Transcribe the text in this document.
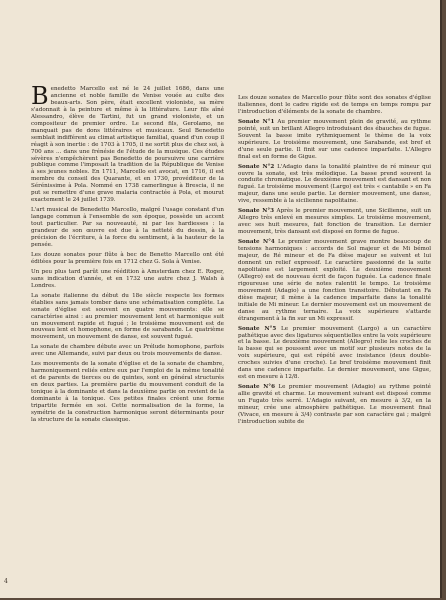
Benedetto Marcello est né le 24 juillet 1686, dans une ancienne et noble famille de Venise vouée au culte des beaux-arts. Son père, était excellent violoniste, sa mère s'adonnait à la peinture et même à la littérature. Leur fils aîné Alessandro, élève de Tartini, fut un grand violoniste, et un compositeur de premier ordre. Le second fils, Gerolamo, ne manquait pas de dons littéraires et musicaux. Seul Benedetto semblait indifférent au climat artistique familial, quand d'un coup il réagit à son inertie : de 1703 à 1705, il ne sortit plus de chez soi, à 700 ans ... dans une frénésie de l'étude de la musique. Ces études sévères n'empêchèrent pas Benedetto de poursuivre une carrière publique comme l'imposait la tradition de la République de Venise à ses jeunes nobles. En 1711, Marcello est avocat, en 1716, il est membre du conseil des Quarante, et en 1730, provéditeur de la Sérénissime à Pola. Nommé en 1738 camerlingue à Brescia, il ne put se remettre d'une grave malaria contractée à Pola, et mourut exactement le 24 juillet 1739.

L'art musical de Benedetto Marcello, malgré l'usage constant d'un langage commun à l'ensemble de son époque, possède un accent tout particulier. Par sa nouveauté, ni par les hardiesses : la grandeur de son œuvre est due à la netteté du dessin, à la précision de l'écriture, à la force du sentiment, à la hauteur de la pensée.

Les douze sonates pour flûte à bec de Benetto Marcello ont été éditées pour la première fois en 1712 chez G. Sola à Venise.

Un peu plus tard parût une réédition à Amsterdam chez E. Roger, sans indication d'année, et en 1732 une autre chez J. Walsh à Londres.

La sonate italienne du début du 18e siècle respecte les formes établies sans jamais tomber dans une schématisation complète. La sonate d'église est souvent en quatre mouvements: elle se caractérise ainsi : au premier mouvement lent et harmonique suit un mouvement rapide et fugué ; le troisième mouvement est de nouveau lent et homophone, en forme de sarabande. Le quatrième mouvement, un mouvement de danse, est souvent fugué.

La sonate de chambre débute avec un Prélude homophone, parfois avec une Allemande, suivi par deux ou trois mouvements de danse.

Les mouvements de la sonate d'église et de la sonate de chambre, harmoniquement reliés entre eux par l'emploi de la même tonalité et de parents de tierces ou de quintes, sont en général structurés en deux parties. La première partie du mouvement conduit de la tonique à la dominante et dans la deuxième partie on revient de la dominante à la tonique. Ces petites finales créent une forme tripartite fermée en soi. Cette normalisation de la forme, la symétrie de la construction harmonique seront déterminants pour la structure de la sonate classique.

Les douze sonates de Marcello pour flûte sont des sonates d'église italiennes, dont le cadre rigide est de temps en temps rompu par l'introduction d'éléments de la sonate de chambre.

Sonate N°1 Au premier mouvement plein de gravité, au rythme pointé, suit un brillant Allegro introduisant des ébauches de fugue. Souvent la basse imite rythmiquement le thème de la voix supérieure. Le troisième mouvement, une Sarabande, est bref et d'une seule partie. Il finit sur une cadence imparfaite. L'Allegro final est en forme de Gigue.

Sonate N°2 L'Adagio dans la tonalité plaintive de ré mineur qui ouvre la sonate, est très mélodique. La basse prend souvent la conduite chromatique. Le deuxième mouvement est dansant et non fugué. Le troisième mouvement (Largo) est très « cantabile » en Fa majeur, dans une seule partie. Le dernier mouvement, une danse, vive, ressemble à la sicilienne napolitaine.

Sonate N°3 Après le premier mouvement, une Sicilienne, suit un Allegro très enlevé en mesures simples. Le troisième mouvement, avec ses huit mesures, fait fonction de transition. Le dernier mouvement, très dansant est disposé en forme de fugue.

Sonate N°4 Le premier mouvement grave montre beaucoup de tensions harmoniques : accords de Sol majeur et de Mi bémol majeur, de Ré mineur et de Fa dièse majeur se suivent et lui donnent un relief expressif. Le caractère passionné de la suite napolitaine est largement exploité. Le deuxième mouvement (Allegro) est de nouveau écrit de façon fuguée. La cadence finale rigoureuse une série de notes ralentit le tempo. Le troisième mouvement (Adagio) a une fonction transitoire. Débutant en Fa dièse majeur, il mène à la cadence imparfaite dans la tonalité initiale de Mi mineur. Le dernier mouvement est un mouvement de danse au rythme ternaire. La voix supérieure s'attarde étrangement à la fin sur un Mi expressif.

Sonate N°5 Le premier mouvement (Largo) a un caractère pathétique avec des ligatures séquentielles entre la voix supérieure et la basse. Le deuxième mouvement (Allegro) relie les croches de la basse qui se poussent avec un motif sur plusieurs notes de la voix supérieure, qui est répété avec insistance (deux double-croches suivies d'une croche). Le bref troisième mouvement finit dans une cadence imparfaite. Le dernier mouvement, une Gigue, est en mesure à 12/8.

Sonate N°6 Le premier mouvement (Adagio) au rythme pointé allie gravité et charme. Le mouvement suivant est disposé comme un Fugato très serré. L'Adagio suivant, en mesure à 3/2, en la mineur, crée une atmosphère pathétique. Le mouvement final (Vivace, en mesure à 3/4) contraste par son caractère gai ; malgré l'introduction subite de

4
